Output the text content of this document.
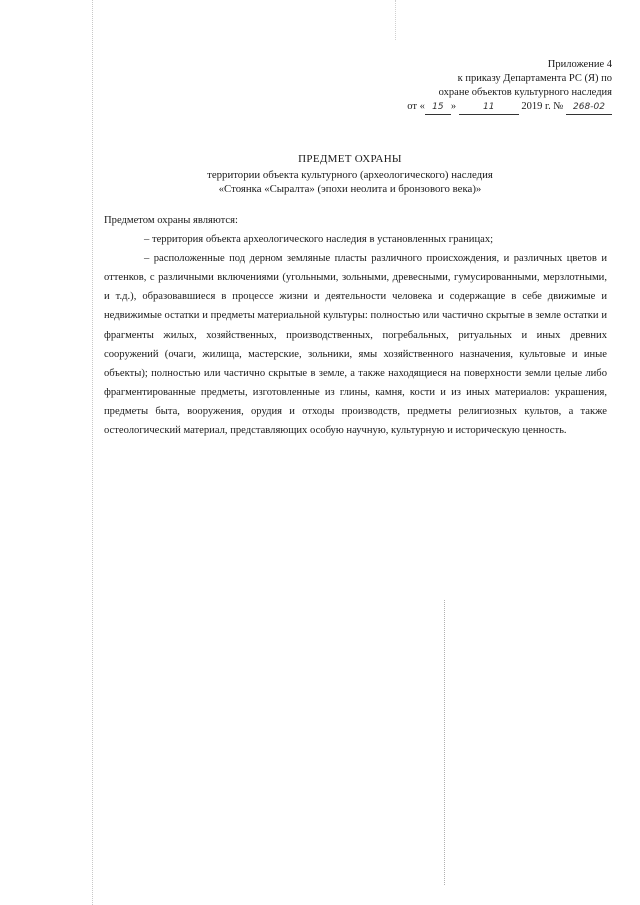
Приложение 4
к приказу Департамента РС (Я) по
охране объектов культурного наследия
от « 15 »	11	2019 г. № 268-02
ПРЕДМЕТ ОХРАНЫ
территории объекта культурного (археологического) наследия
«Стоянка «Сыралта» (эпохи неолита и бронзового века)»

Предметом охраны являются:

– территория объекта археологического наследия в установленных границах;

– расположенные под дерном земляные пласты различного происхождения, и различных цветов и оттенков, с различными включениями (угольными, зольными, древесными, гумусированными, мерзлотными, и т.д.), образовавшиеся в процессе жизни и деятельности человека и содержащие в себе движимые и недвижимые остатки и предметы материальной культуры: полностью или частично скрытые в земле остатки и фрагменты жилых, хозяйственных, производственных, погребальных, ритуальных и иных древних сооружений (очаги, жилища, мастерские, зольники, ямы хозяйственного назначения, культовые и иные объекты); полностью или частично скрытые в земле, а также находящиеся на поверхности земли целые либо фрагментированные предметы, изготовленные из глины, камня, кости и из иных материалов: украшения, предметы быта, вооружения, орудия и отходы производств, предметы религиозных культов, а также остеологический материал, представляющих особую научную, культурную и историческую ценность.
